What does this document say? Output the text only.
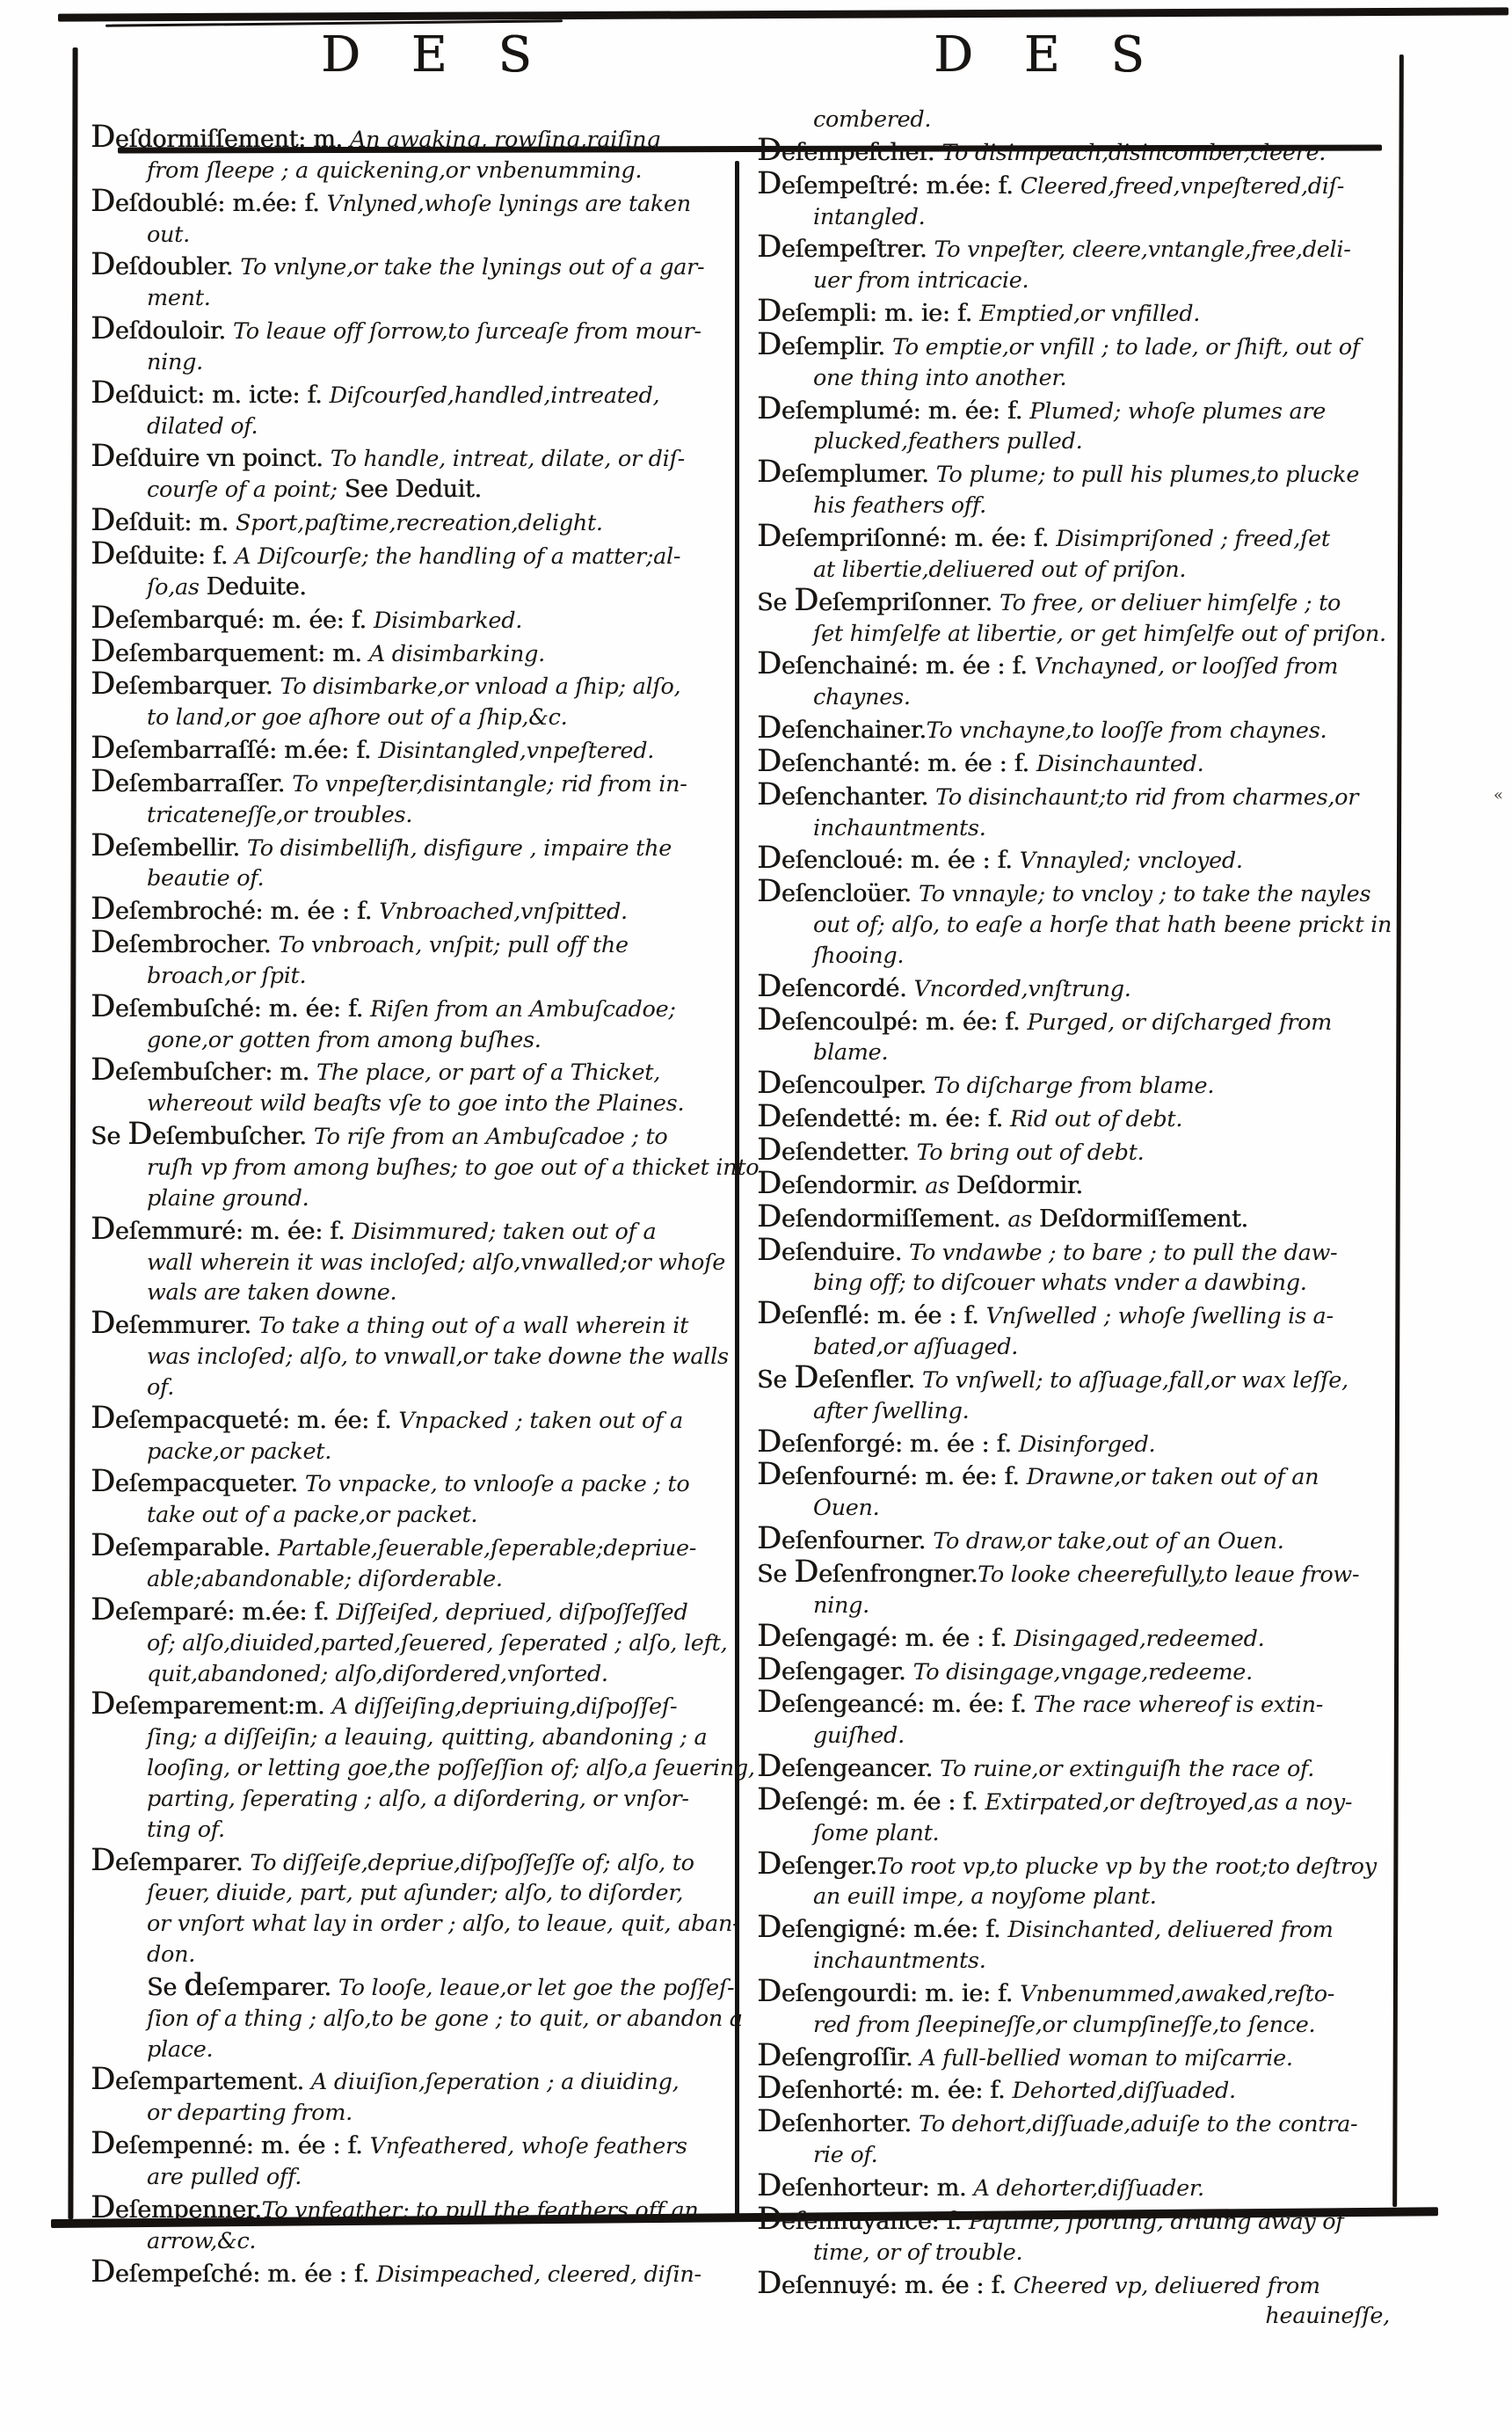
D E S	D E S
«
Deſdormiſſement: m. An awaking, rowſing,raiſing
from ſleepe ; a quickening,or vnbenumming.
Deſdoublé: m.ée: f. Vnlyned,whoſe lynings are taken
out.
Deſdoubler. To vnlyne,or take the lynings out of a gar-
ment.
Deſdouloir. To leaue off ſorrow,to ſurceaſe from mour-
ning.
Deſduict: m. icte: f. Diſcourſed,handled,intreated,
dilated of.
Deſduire vn poinct. To handle, intreat, dilate, or diſ-
courſe of a point; See Deduit.
Deſduit: m. Sport,paſtime,recreation,delight.
Deſduite: f. A Diſcourſe; the handling of a matter;al-
ſo,as Deduite.
Deſembarqué: m. ée: f. Disimbarked.
Deſembarquement: m. A disimbarking.
Deſembarquer. To disimbarke,or vnload a ſhip; alſo,
to land,or goe aſhore out of a ſhip,&c.
Deſembarraſſé: m.ée: f. Disintangled,vnpeſtered.
Deſembarraſſer. To vnpeſter,disintangle; rid from in-
tricateneſſe,or troubles.
Deſembellir. To disimbelliſh, disfigure , impaire the
beautie of.
Deſembroché: m. ée : f. Vnbroached,vnſpitted.
Deſembrocher. To vnbroach, vnſpit; pull off the
broach,or ſpit.
Deſembuſché: m. ée: f. Riſen from an Ambuſcadoe;
gone,or gotten from among buſhes.
Deſembuſcher: m. The place, or part of a Thicket,
whereout wild beaſts vſe to goe into the Plaines.
Se Deſembuſcher. To riſe from an Ambuſcadoe ; to
ruſh vp from among buſhes; to goe out of a thicket into
plaine ground.
Deſemmuré: m. ée: f. Disimmured; taken out of a
wall wherein it was incloſed; alſo,vnwalled;or whoſe
wals are taken downe.
Deſemmurer. To take a thing out of a wall wherein it
was incloſed; alſo, to vnwall,or take downe the walls
of.
Deſempacqueté: m. ée: f. Vnpacked ; taken out of a
packe,or packet.
Deſempacqueter. To vnpacke, to vnlooſe a packe ; to
take out of a packe,or packet.
Deſemparable. Partable,ſeuerable,ſeperable;depriue-
able;abandonable; diſorderable.
Deſemparé: m.ée: f. Diſſeiſed, depriued, diſpoſſeſſed
of; alſo,diuided,parted,ſeuered, ſeperated ; alſo, left,
quit,abandoned; alſo,diſordered,vnſorted.
Deſemparement:m. A diſſeiſing,depriuing,diſpoſſeſ-
ſing; a diſſeiſin; a leauing, quitting, abandoning ; a
looſing, or letting goe,the poſſeſſion of; alſo,a ſeuering,
parting, ſeperating ; alſo, a diſordering, or vnſor-
ting of.
Deſemparer. To diſſeiſe,depriue,diſpoſſeſſe of; alſo, to
ſeuer, diuide, part, put aſunder; alſo, to diſorder,
or vnſort what lay in order ; alſo, to leaue, quit, aban-
don.
Se deſemparer. To looſe, leaue,or let goe the poſſeſ-
ſion of a thing ; alſo,to be gone ; to quit, or abandon a
place.
Deſempartement. A diuiſion,ſeperation ; a diuiding,
or departing from.
Deſempenné: m. ée : f. Vnfeathered, whoſe feathers
are pulled off.
Deſempenner.To vnfeather; to pull the feathers off an
arrow,&c.
Deſempeſché: m. ée : f. Disimpeached, cleered, diſin-
combered.
Deſempeſcher. To disimpeach,disincomber,cleere.
Deſempeſtré: m.ée: f. Cleered,freed,vnpeſtered,diſ-
intangled.
Deſempeſtrer. To vnpeſter, cleere,vntangle,free,deli-
uer from intricacie.
Deſempli: m. ie: f. Emptied,or vnfilled.
Deſemplir. To emptie,or vnfill ; to lade, or ſhift, out of
one thing into another.
Deſemplumé: m. ée: f. Plumed; whoſe plumes are
plucked,feathers pulled.
Deſemplumer. To plume; to pull his plumes,to plucke
his feathers off.
Deſempriſonné: m. ée: f. Disimpriſoned ; freed,ſet
at libertie,deliuered out of priſon.
Se Deſempriſonner. To free, or deliuer himſelfe ; to
ſet himſelfe at libertie, or get himſelfe out of priſon.
Deſenchainé: m. ée : f. Vnchayned, or looſſed from
chaynes.
Deſenchainer.To vnchayne,to looſſe from chaynes.
Deſenchanté: m. ée : f. Disinchaunted.
Deſenchanter. To disinchaunt;to rid from charmes,or
inchauntments.
Deſencloué: m. ée : f. Vnnayled; vncloyed.
Deſencloüer. To vnnayle; to vncloy ; to take the nayles
out of; alſo, to eaſe a horſe that hath beene prickt in
ſhooing.
Deſencordé. Vncorded,vnſtrung.
Deſencoulpé: m. ée: f. Purged, or diſcharged from
blame.
Deſencoulper. To diſcharge from blame.
Deſendetté: m. ée: f. Rid out of debt.
Deſendetter. To bring out of debt.
Deſendormir. as Deſdormir.
Deſendormiſſement. as Deſdormiſſement.
Deſenduire. To vndawbe ; to bare ; to pull the daw-
bing off; to diſcouer whats vnder a dawbing.
Deſenflé: m. ée : f. Vnſwelled ; whoſe ſwelling is a-
bated,or aſſuaged.
Se Deſenfler. To vnſwell; to aſſuage,fall,or wax leſſe,
after ſwelling.
Deſenforgé: m. ée : f. Disinforged.
Deſenfourné: m. ée: f. Drawne,or taken out of an
Ouen.
Deſenfourner. To draw,or take,out of an Ouen.
Se Deſenfrongner.To looke cheerefully,to leaue frow-
ning.
Deſengagé: m. ée : f. Disingaged,redeemed.
Deſengager. To disingage,vngage,redeeme.
Deſengeancé: m. ée: f. The race whereof is extin-
guiſhed.
Deſengeancer. To ruine,or extinguiſh the race of.
Deſengé: m. ée : f. Extirpated,or deſtroyed,as a noy-
ſome plant.
Deſenger.To root vp,to plucke vp by the root;to deſtroy
an euill impe, a noyſome plant.
Deſengigné: m.ée: f. Disinchanted, deliuered from
inchauntments.
Deſengourdi: m. ie: f. Vnbenummed,awaked,reſto-
red from ſleepineſſe,or clumpſineſſe,to ſence.
Deſengroſſir. A full-bellied woman to miſcarrie.
Deſenhorté: m. ée: f. Dehorted,diſſuaded.
Deſenhorter. To dehort,diſſuade,aduiſe to the contra-
rie of.
Deſenhorteur: m. A dehorter,diſſuader.
Deſennuyance: f. Paſtime, ſporting, driuing away of
time, or of trouble.
Deſennuyé: m. ée : f. Cheered vp, deliuered from
heauineſſe,
